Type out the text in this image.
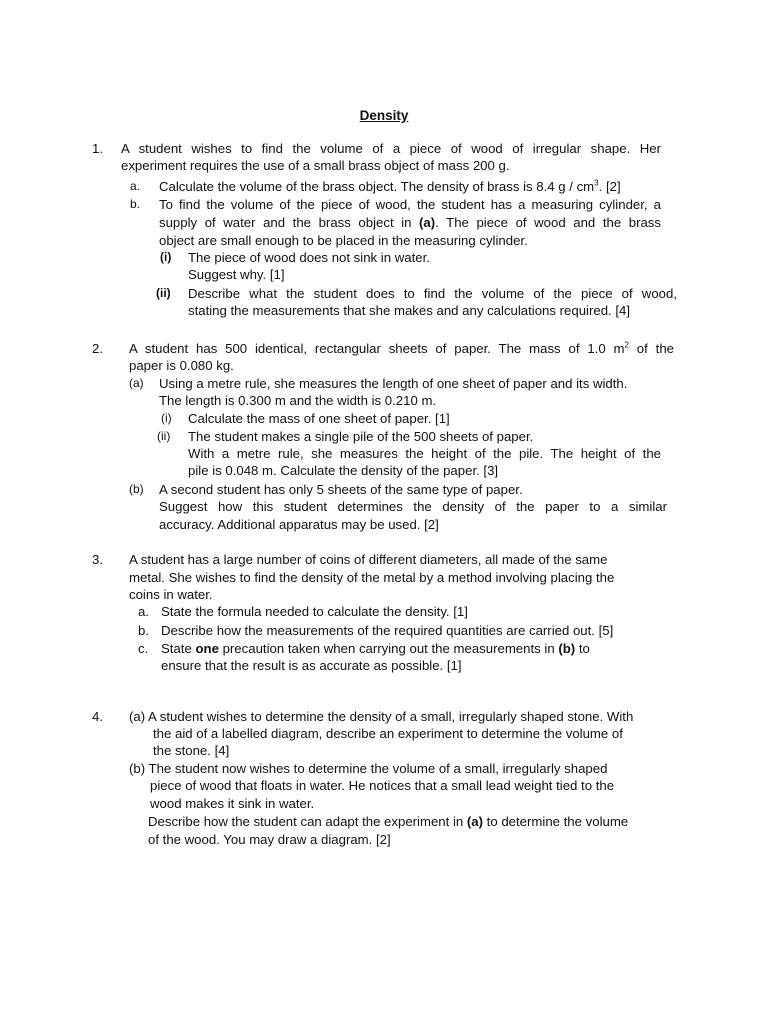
Density
1. A student wishes to find the volume of a piece of wood of irregular shape. Her
experiment requires the use of a small brass object of mass 200 g.
a. Calculate the volume of the brass object. The density of brass is 8.4 g / $cm^3$. [2]
b. To find the volume of the piece of wood, the student has a measuring cylinder, a
supply of water and the brass object in (a). The piece of wood and the brass
object are small enough to be placed in the measuring cylinder.
(i) The piece of wood does not sink in water.
Suggest why. [1]
(ii) Describe what the student does to find the volume of the piece of wood,
stating the measurements that she makes and any calculations required. [4]
2. A student has 500 identical, rectangular sheets of paper. The mass of 1.0 $m^2$ of the
paper is 0.080 kg.
(a) Using a metre rule, she measures the length of one sheet of paper and its width.
The length is 0.300 m and the width is 0.210 m.
(i) Calculate the mass of one sheet of paper. [1]
(ii) The student makes a single pile of the 500 sheets of paper.
With a metre rule, she measures the height of the pile. The height of the
pile is 0.048 m. Calculate the density of the paper. [3]
(b) A second student has only 5 sheets of the same type of paper.
Suggest how this student determines the density of the paper to a similar
accuracy. Additional apparatus may be used. [2]
3. A student has a large number of coins of different diameters, all made of the same
metal. She wishes to find the density of the metal by a method involving placing the
coins in water.
a. State the formula needed to calculate the density. [1]
b. Describe how the measurements of the required quantities are carried out. [5]
c. State one precaution taken when carrying out the measurements in (b) to
ensure that the result is as accurate as possible. [1]
4. (a) A student wishes to determine the density of a small, irregularly shaped stone. With
the aid of a labelled diagram, describe an experiment to determine the volume of
the stone. [4]
(b) The student now wishes to determine the volume of a small, irregularly shaped
piece of wood that floats in water. He notices that a small lead weight tied to the
wood makes it sink in water.
Describe how the student can adapt the experiment in (a) to determine the volume
of the wood. You may draw a diagram. [2]
